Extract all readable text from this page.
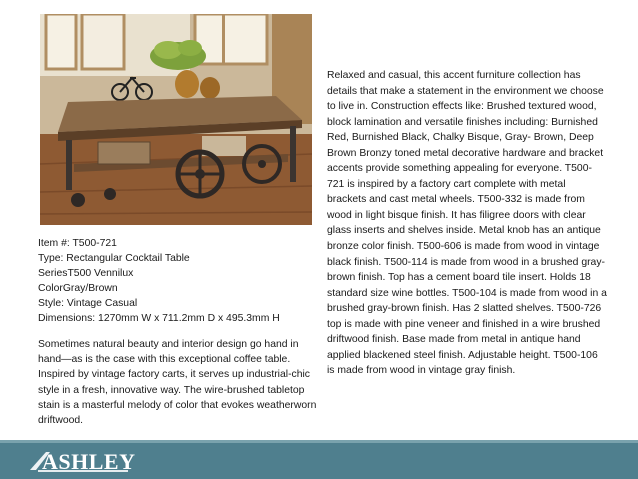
Item #: T500-721
Type: Rectangular Cocktail Table
SeriesT500 Vennilux
ColorGray/Brown
Style: Vintage Casual
Dimensions: 1270mm W x 711.2mm D x 495.3mm H
Sometimes natural beauty and interior design go hand in hand—as is the case with this exceptional coffee table. Inspired by vintage factory carts, it serves up industrial-chic style in a fresh, innovative way. The wire-brushed tabletop stain is a masterful melody of color that evokes weatherworn driftwood.
Relaxed and casual, this accent furniture collection has details that make a statement in the environment we choose to live in. Construction effects like: Brushed textured wood, block lamination and versatile finishes including: Burnished Red, Burnished Black, Chalky Bisque, Gray- Brown, Deep Brown Bronzy toned metal decorative hardware and bracket accents provide something appealing for everyone. T500-721 is inspired by a factory cart complete with metal brackets and cast metal wheels. T500-332 is made from wood in light bisque finish. It has filigree doors with clear glass inserts and shelves inside. Metal knob has an antique bronze color finish. T500-606 is made from wood in vintage black finish. T500-114 is made from wood in a brushed gray-brown finish. Top has a cement board tile insert. Holds 18 standard size wine bottles. T500-104 is made from wood in a brushed gray-brown finish. Has 2 slatted shelves. T500-726 top is made with pine veneer and finished in a wire brushed driftwood finish. Base made from metal in antique hand applied blackened steel finish. Adjustable height. T500-106 is made from wood in vintage gray finish.
ASHLEY
